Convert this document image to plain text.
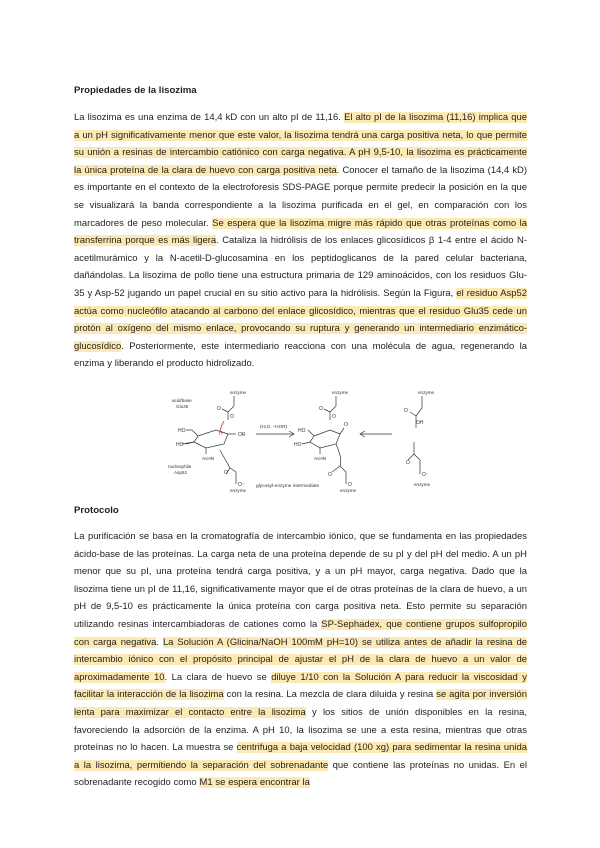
Propiedades de la lisozima

La lisozima es una enzima de 14,4 kD con un alto pI de 11,16. El alto pI de la lisozima (11,16) implica que a un pH significativamente menor que este valor, la lisozima tendrá una carga positiva neta, lo que permite su unión a resinas de intercambio catiónico con carga negativa. A pH 9,5-10, la lisozima es prácticamente la única proteína de la clara de huevo con carga positiva neta. Conocer el tamaño de la lisozima (14,4 kD) es importante en el contexto de la electroforesis SDS-PAGE porque permite predecir la posición en la que se visualizará la banda correspondiente a la lisozima purificada en el gel, en comparación con los marcadores de peso molecular. Se espera que la lisozima migre más rápido que otras proteínas como la transferrina porque es más ligera. Cataliza la hidrólisis de los enlaces glicosídicos β 1-4 entre el ácido N-acetilmurámico y la N-acetil-D-glucosamina en los peptidoglicanos de la pared celular bacteriana, dañándolas. La lisozima de pollo tiene una estructura primaria de 129 aminoácidos, con los residuos Glu-35 y Asp-52 jugando un papel crucial en su sitio activo para la hidrólisis. Según la Figura, el residuo Asp52 actúa como nucleófilo atacando al carbono del enlace glicosídico, mientras que el residuo Glu35 cede un protón al oxígeno del mismo enlace, provocando su ruptura y generando un intermediario enzimático-glucosídico. Posteriormente, este intermediario reacciona con una molécula de agua, regenerando la enzima y liberando el producto hidrolizado.

O
O
H
HO
HO
OR
O
O⁻
O
O
HO
HO
O
O
O
OH
O
O
O⁻
acid/base
Glu35
nucleophile
Asp52
enzyme
enzyme
AcHN
(H₂O, –HOR)
enzyme
AcHN
enzyme
enzyme
enzyme
glycosyl-enzyme intermediate
Protocolo

La purificación se basa en la cromatografía de intercambio iónico, que se fundamenta en las propiedades ácido-base de las proteínas. La carga neta de una proteína depende de su pI y del pH del medio. A un pH menor que su pI, una proteína tendrá carga positiva, y a un pH mayor, carga negativa. Dado que la lisozima tiene un pI de 11,16, significativamente mayor que el de otras proteínas de la clara de huevo, a un pH de 9,5-10 es prácticamente la única proteína con carga positiva neta. Esto permite su separación utilizando resinas intercambiadoras de cationes como la SP-Sephadex, que contiene grupos sulfopropilo con carga negativa. La Solución A (Glicina/NaOH 100mM pH=10) se utiliza antes de añadir la resina de intercambio iónico con el propósito principal de ajustar el pH de la clara de huevo a un valor de aproximadamente 10. La clara de huevo se diluye 1/10 con la Solución A para reducir la viscosidad y facilitar la interacción de la lisozima con la resina. La mezcla de clara diluida y resina se agita por inversión lenta para maximizar el contacto entre la lisozima y los sitios de unión disponibles en la resina, favoreciendo la adsorción de la enzima. A pH 10, la lisozima se une a esta resina, mientras que otras proteínas no lo hacen. La muestra se centrifuga a baja velocidad (100 xg) para sedimentar la resina unida a la lisozima, permitiendo la separación del sobrenadante que contiene las proteínas no unidas. En el sobrenadante recogido como M1 se espera encontrar la
